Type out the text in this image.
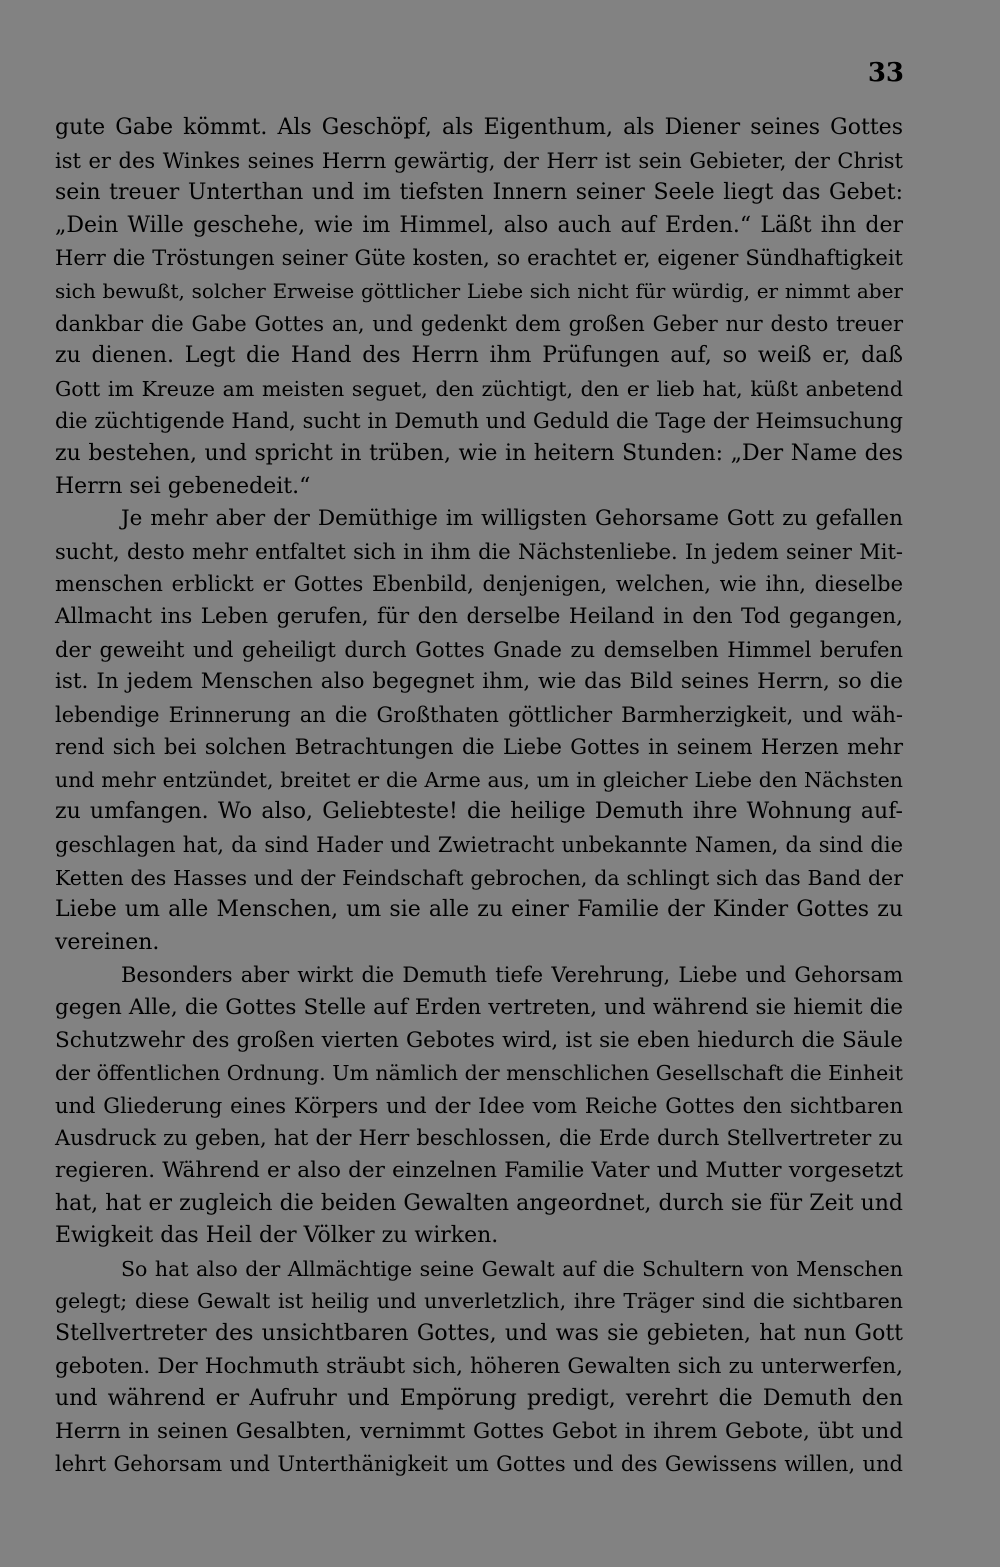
33
gute Gabe kömmt. Als Geschöpf, als Eigenthum, als Diener seines Gottes
ist er des Winkes seines Herrn gewärtig, der Herr ist sein Gebieter, der Christ
sein treuer Unterthan und im tiefsten Innern seiner Seele liegt das Gebet:
„Dein Wille geschehe, wie im Himmel, also auch auf Erden.“ Läßt ihn der
Herr die Tröstungen seiner Güte kosten, so erachtet er, eigener Sündhaftigkeit
sich bewußt, solcher Erweise göttlicher Liebe sich nicht für würdig, er nimmt aber
dankbar die Gabe Gottes an, und gedenkt dem großen Geber nur desto treuer
zu dienen. Legt die Hand des Herrn ihm Prüfungen auf, so weiß er, daß
Gott im Kreuze am meisten seguet, den züchtigt, den er lieb hat, küßt anbetend
die züchtigende Hand, sucht in Demuth und Geduld die Tage der Heimsuchung
zu bestehen, und spricht in trüben, wie in heitern Stunden: „Der Name des
Herrn sei gebenedeit.“
Je mehr aber der Demüthige im willigsten Gehorsame Gott zu gefallen
sucht, desto mehr entfaltet sich in ihm die Nächstenliebe. In jedem seiner Mit-
menschen erblickt er Gottes Ebenbild, denjenigen, welchen, wie ihn, dieselbe
Allmacht ins Leben gerufen, für den derselbe Heiland in den Tod gegangen,
der geweiht und geheiligt durch Gottes Gnade zu demselben Himmel berufen
ist. In jedem Menschen also begegnet ihm, wie das Bild seines Herrn, so die
lebendige Erinnerung an die Großthaten göttlicher Barmherzigkeit, und wäh-
rend sich bei solchen Betrachtungen die Liebe Gottes in seinem Herzen mehr
und mehr entzündet, breitet er die Arme aus, um in gleicher Liebe den Nächsten
zu umfangen. Wo also, Geliebteste! die heilige Demuth ihre Wohnung auf-
geschlagen hat, da sind Hader und Zwietracht unbekannte Namen, da sind die
Ketten des Hasses und der Feindschaft gebrochen, da schlingt sich das Band der
Liebe um alle Menschen, um sie alle zu einer Familie der Kinder Gottes zu
vereinen.
Besonders aber wirkt die Demuth tiefe Verehrung, Liebe und Gehorsam
gegen Alle, die Gottes Stelle auf Erden vertreten, und während sie hiemit die
Schutzwehr des großen vierten Gebotes wird, ist sie eben hiedurch die Säule
der öffentlichen Ordnung. Um nämlich der menschlichen Gesellschaft die Einheit
und Gliederung eines Körpers und der Idee vom Reiche Gottes den sichtbaren
Ausdruck zu geben, hat der Herr beschlossen, die Erde durch Stellvertreter zu
regieren. Während er also der einzelnen Familie Vater und Mutter vorgesetzt
hat, hat er zugleich die beiden Gewalten angeordnet, durch sie für Zeit und
Ewigkeit das Heil der Völker zu wirken.
So hat also der Allmächtige seine Gewalt auf die Schultern von Menschen
gelegt; diese Gewalt ist heilig und unverletzlich, ihre Träger sind die sichtbaren
Stellvertreter des unsichtbaren Gottes, und was sie gebieten, hat nun Gott
geboten. Der Hochmuth sträubt sich, höheren Gewalten sich zu unterwerfen,
und während er Aufruhr und Empörung predigt, verehrt die Demuth den
Herrn in seinen Gesalbten, vernimmt Gottes Gebot in ihrem Gebote, übt und
lehrt Gehorsam und Unterthänigkeit um Gottes und des Gewissens willen, und
